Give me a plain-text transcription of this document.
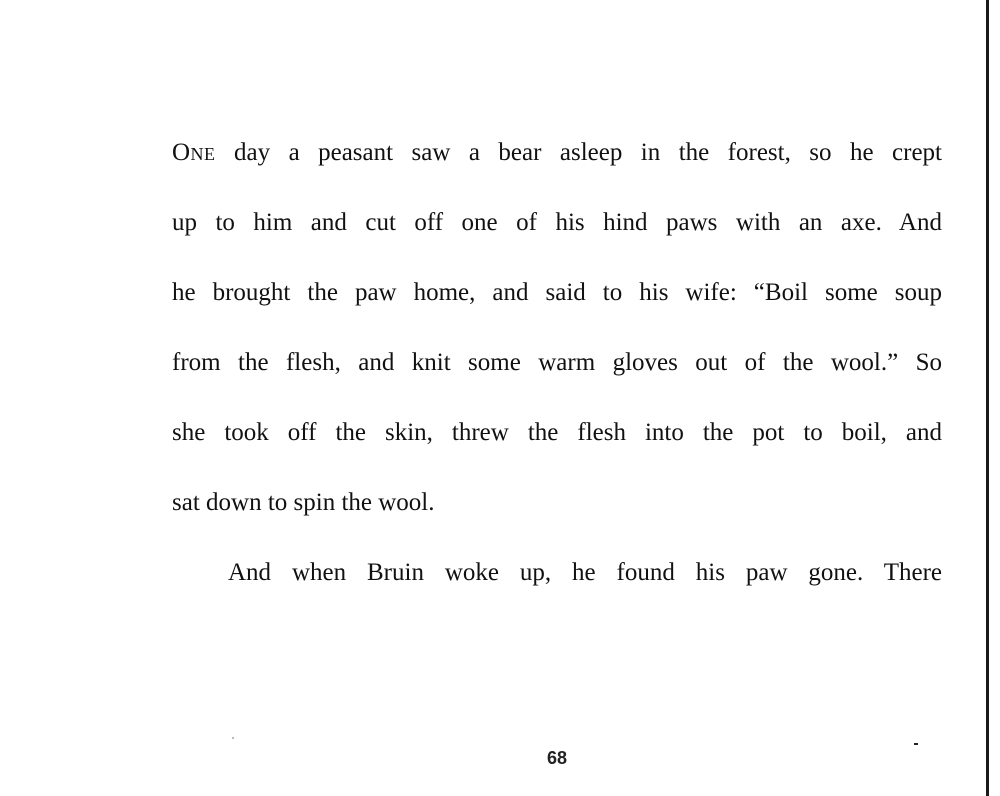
One day a peasant saw a bear asleep in the forest, so he crept
up to him and cut off one of his hind paws with an axe. And
he brought the paw home, and said to his wife: “Boil some soup
from the flesh, and knit some warm gloves out of the wool.” So
she took off the skin, threw the flesh into the pot to boil, and
sat down to spin the wool.
And when Bruin woke up, he found his paw gone. There
68
